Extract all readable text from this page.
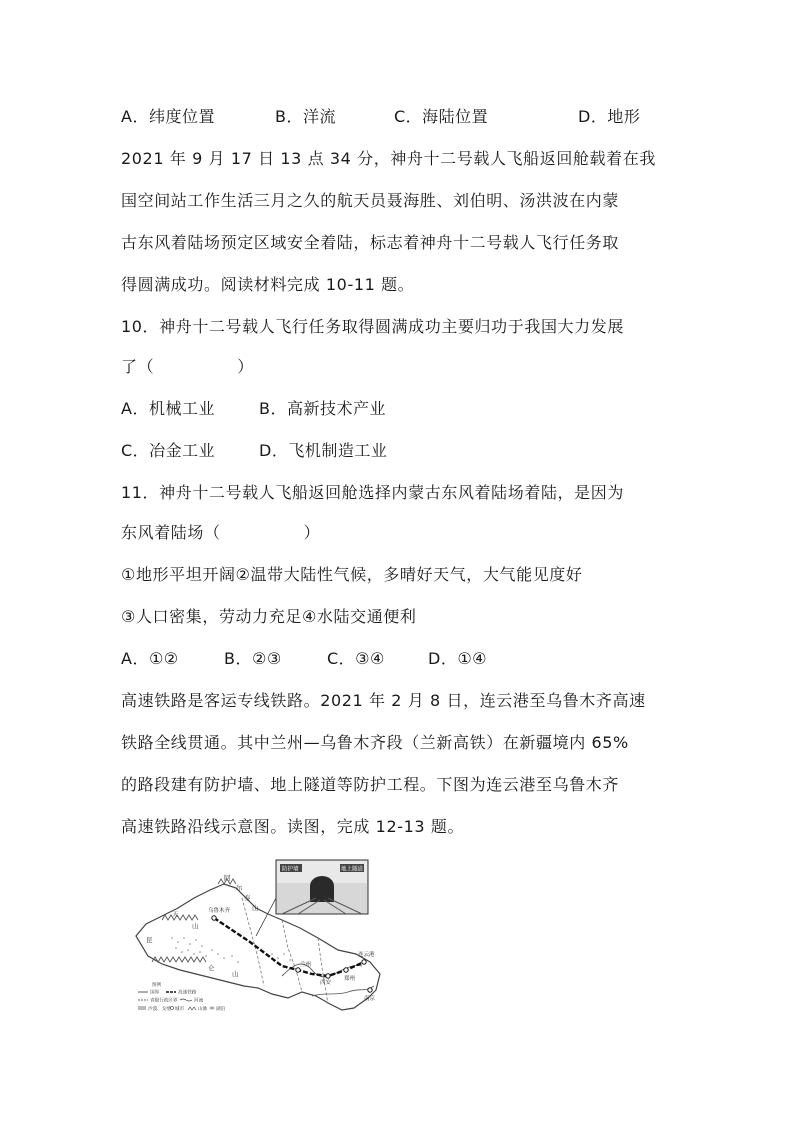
A．纬度位置	B．洋流	C．海陆位置	D．地形
2021 年 9 月 17 日 13 点 34 分，神舟十二号载人飞船返回舱载着在我
国空间站工作生活三月之久的航天员聂海胜、刘伯明、汤洪波在内蒙
古东风着陆场预定区域安全着陆，标志着神舟十二号载人飞行任务取
得圆满成功。阅读材料完成 10-11 题。
10．神舟十二号载人飞行任务取得圆满成功主要归功于我国大力发展
了（　　　　　）
A．机械工业	B．高新技术产业
C．冶金工业	D．飞机制造工业
11．神舟十二号载人飞船返回舱选择内蒙古东风着陆场着陆，是因为
东风着陆场（　　　　　）
①地形平坦开阔②温带大陆性气候，多晴好天气，大气能见度好
③人口密集，劳动力充足④水陆交通便利
A．①②	B．②③	C．③④	D．①④
高速铁路是客运专线铁路。2021 年 2 月 8 日，连云港至乌鲁木齐高速
铁路全线贯通。其中兰州—乌鲁木齐段（兰新高铁）在新疆境内 65%
的路段建有防护墙、地上隧道等防护工程。下图为连云港至乌鲁木齐
高速铁路沿线示意图。读图，完成 12-13 题。
乌鲁木齐
兰州
西安
郑州
连云港
南京
阿
尔
泰
山
天
山
昆
仑
山
防护墙	地上隧道
图例
国界	高速铁路
省级行政区界	河流
沙漠、戈壁 城市	山脉 湖泊
